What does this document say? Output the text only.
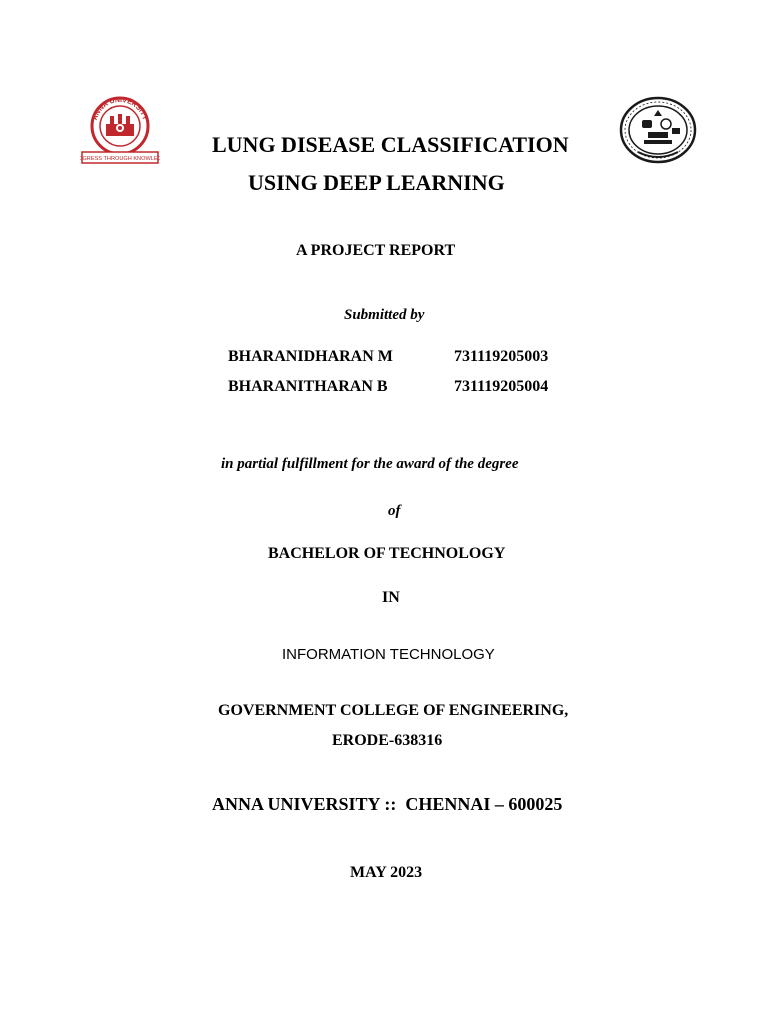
ANNA UNIVERSITY
OGRESS THROUGH KNOWLED
LUNG DISEASE CLASSIFICATION
USING DEEP LEARNING
A PROJECT REPORT
Submitted by
BHARANIDHARAN M	731119205003
BHARANITHARAN B	731119205004
in partial fulfillment for the award of the degree
of
BACHELOR OF TECHNOLOGY
IN
INFORMATION TECHNOLOGY
GOVERNMENT COLLEGE OF ENGINEERING,
ERODE-638316
ANNA UNIVERSITY ::  CHENNAI – 600025
MAY 2023
